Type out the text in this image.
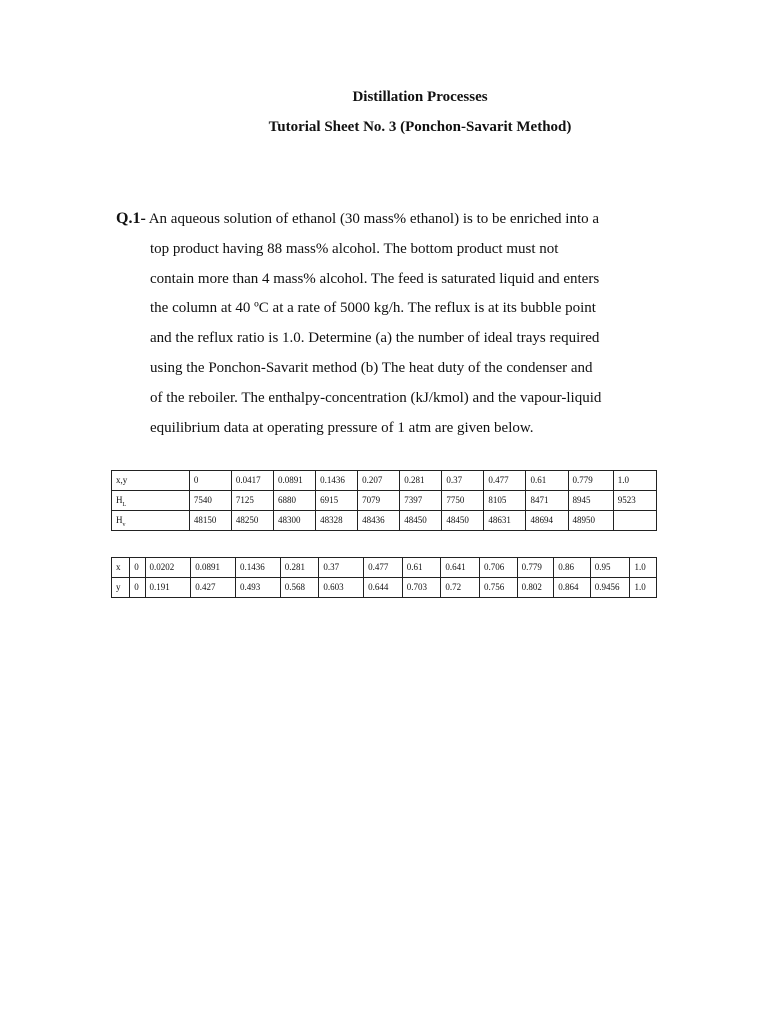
Distillation Processes
Tutorial Sheet No. 3 (Ponchon-Savarit Method)
Q.1- An aqueous solution of ethanol (30 mass% ethanol) is to be enriched into a
top product having 88 mass% alcohol. The bottom product must not
contain more than 4 mass% alcohol. The feed is saturated liquid and enters
the column at 40 ºC at a rate of 5000 kg/h. The reflux is at its bubble point
and the reflux ratio is 1.0. Determine (a) the number of ideal trays required
using the Ponchon-Savarit method (b) The heat duty of the condenser and
of the reboiler. The enthalpy-concentration (kJ/kmol) and the vapour-liquid
equilibrium data at operating pressure of 1 atm are given below.
x,y	0	0.0417	0.0891	0.1436	0.207	0.281	0.37	0.477	0.61	0.779	1.0
$H_L$	7540	7125	6880	6915	7079	7397	7750	8105	8471	8945	9523
$H_v$	48150	48250	48300	48328	48436	48450	48450	48631	48694	48950	
x	0	0.0202	0.0891	0.1436	0.281	0.37	0.477	0.61	0.641	0.706	0.779	0.86	0.95	1.0
y	0	0.191	0.427	0.493	0.568	0.603	0.644	0.703	0.72	0.756	0.802	0.864	0.9456	1.0
